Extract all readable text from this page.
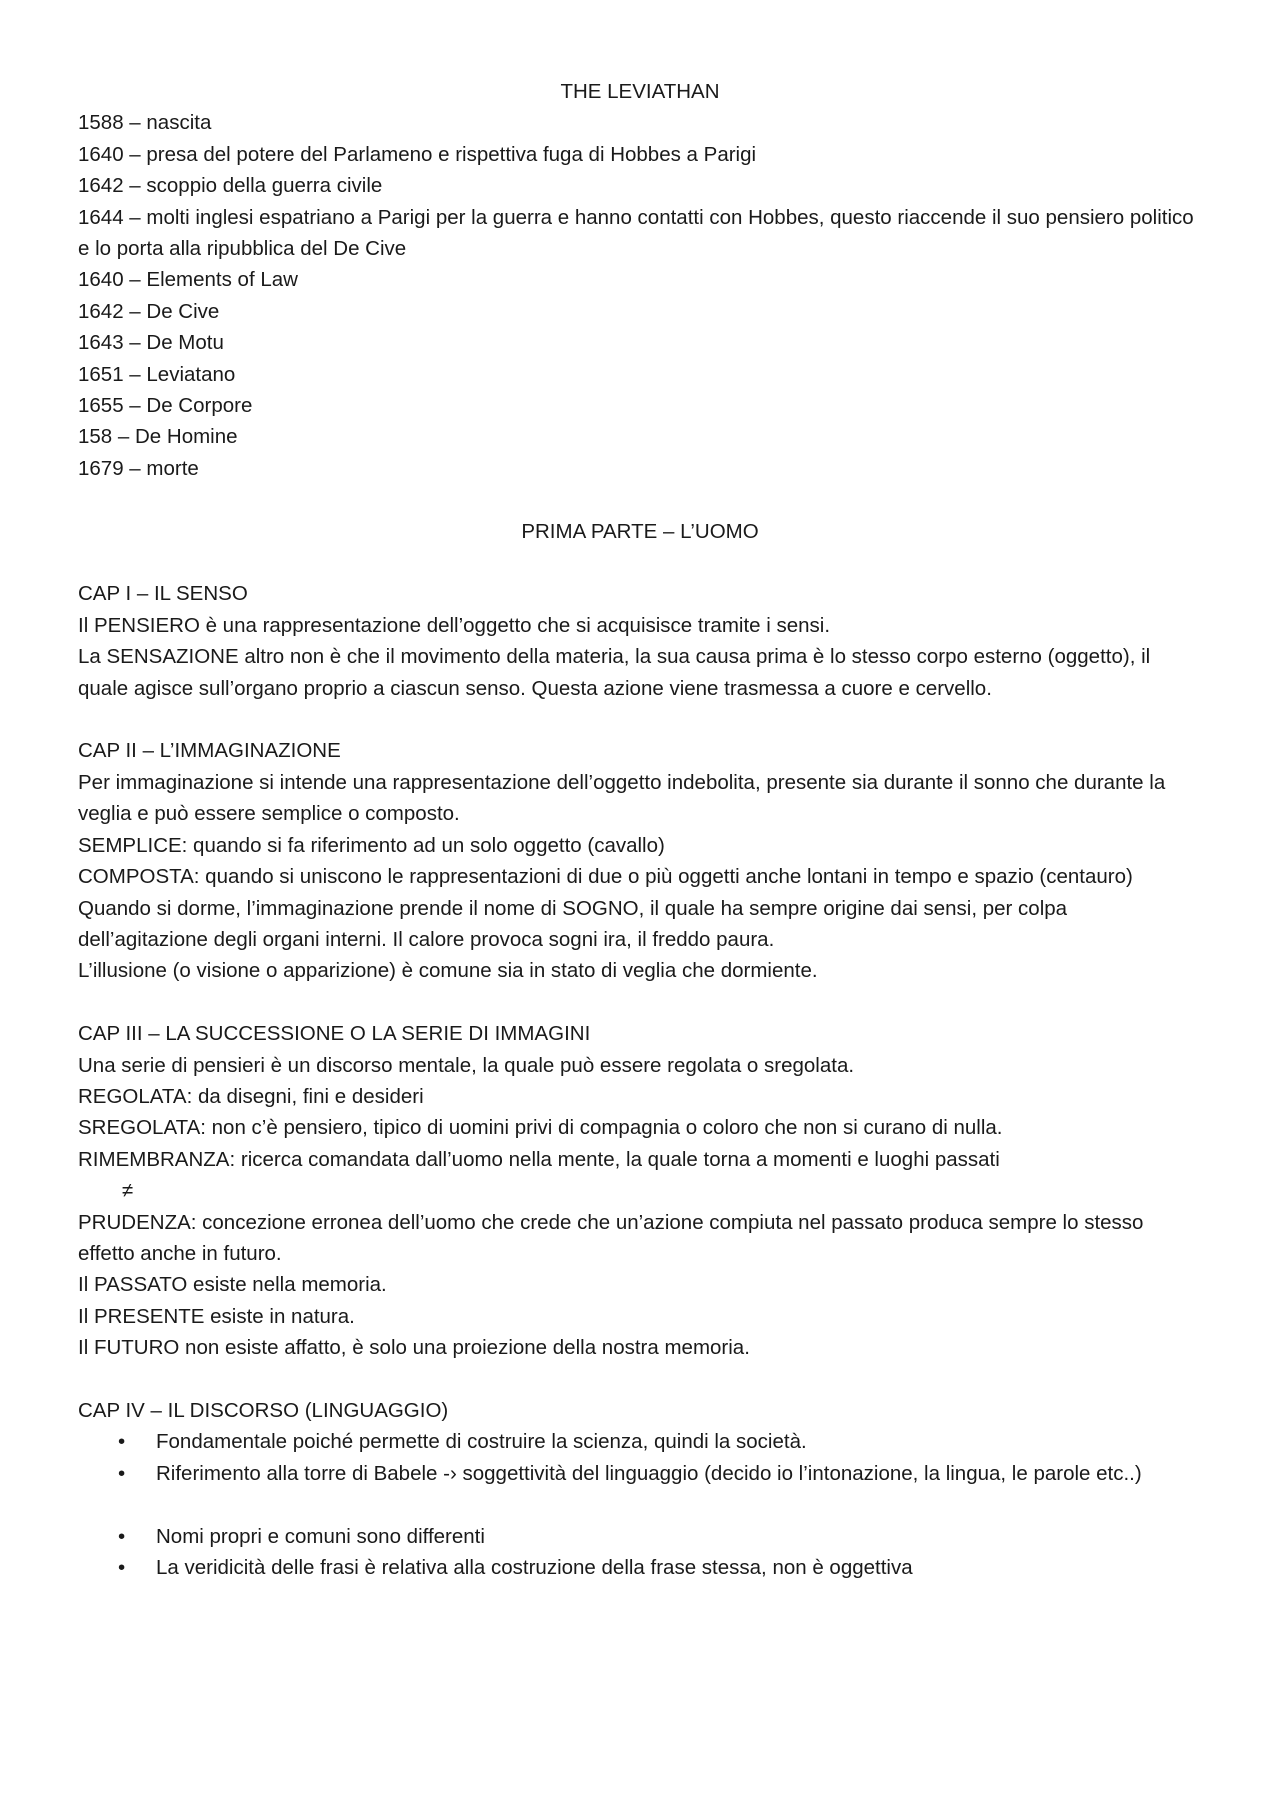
THE LEVIATHAN
1588 – nascita
1640 – presa del potere del Parlameno e rispettiva fuga di Hobbes a Parigi
1642 – scoppio della guerra civile
1644 – molti inglesi espatriano a Parigi per la guerra e hanno contatti con Hobbes, questo riaccende il suo pensiero politico e lo porta alla ripubblica del De Cive
1640 – Elements of Law
1642 – De Cive
1643 – De Motu
1651 – Leviatano
1655 – De Corpore
158 – De Homine
1679 – morte
PRIMA PARTE – L’UOMO
CAP I – IL SENSO
Il PENSIERO è una rappresentazione dell’oggetto che si acquisisce tramite i sensi.
La SENSAZIONE altro non è che il movimento della materia, la sua causa prima è lo stesso corpo esterno (oggetto), il quale agisce sull’organo proprio a ciascun senso. Questa azione viene trasmessa a cuore e cervello.
CAP II – L’IMMAGINAZIONE
Per immaginazione si intende una rappresentazione dell’oggetto indebolita, presente sia durante il sonno che durante la veglia e può essere semplice o composto.
SEMPLICE: quando si fa riferimento ad un solo oggetto (cavallo)
COMPOSTA: quando si uniscono le rappresentazioni di due o più oggetti anche lontani in tempo e spazio (centauro)
Quando si dorme, l’immaginazione prende il nome di SOGNO, il quale ha sempre origine dai sensi, per colpa dell’agitazione degli organi interni. Il calore provoca sogni ira, il freddo paura.
L’illusione (o visione o apparizione) è comune sia in stato di veglia che dormiente.
CAP III – LA SUCCESSIONE O LA SERIE DI IMMAGINI
Una serie di pensieri è un discorso mentale, la quale può essere regolata o sregolata.
REGOLATA: da disegni, fini e desideri
SREGOLATA: non c’è pensiero, tipico di uomini privi di compagnia o coloro che non si curano di nulla.
RIMEMBRANZA: ricerca comandata dall’uomo nella mente, la quale torna a momenti e luoghi passati
≠
PRUDENZA: concezione erronea dell’uomo che crede che un’azione compiuta nel passato produca sempre lo stesso effetto anche in futuro.
Il PASSATO esiste nella memoria.
Il PRESENTE esiste in natura.
Il FUTURO non esiste affatto, è solo una proiezione della nostra memoria.
CAP IV – IL DISCORSO (LINGUAGGIO)
• Fondamentale poiché permette di costruire la scienza, quindi la società.
• Riferimento alla torre di Babele -› soggettività del linguaggio (decido io l’intonazione, la lingua, le parole etc..)
• Nomi propri e comuni sono differenti
• La veridicità delle frasi è relativa alla costruzione della frase stessa, non è oggettiva
